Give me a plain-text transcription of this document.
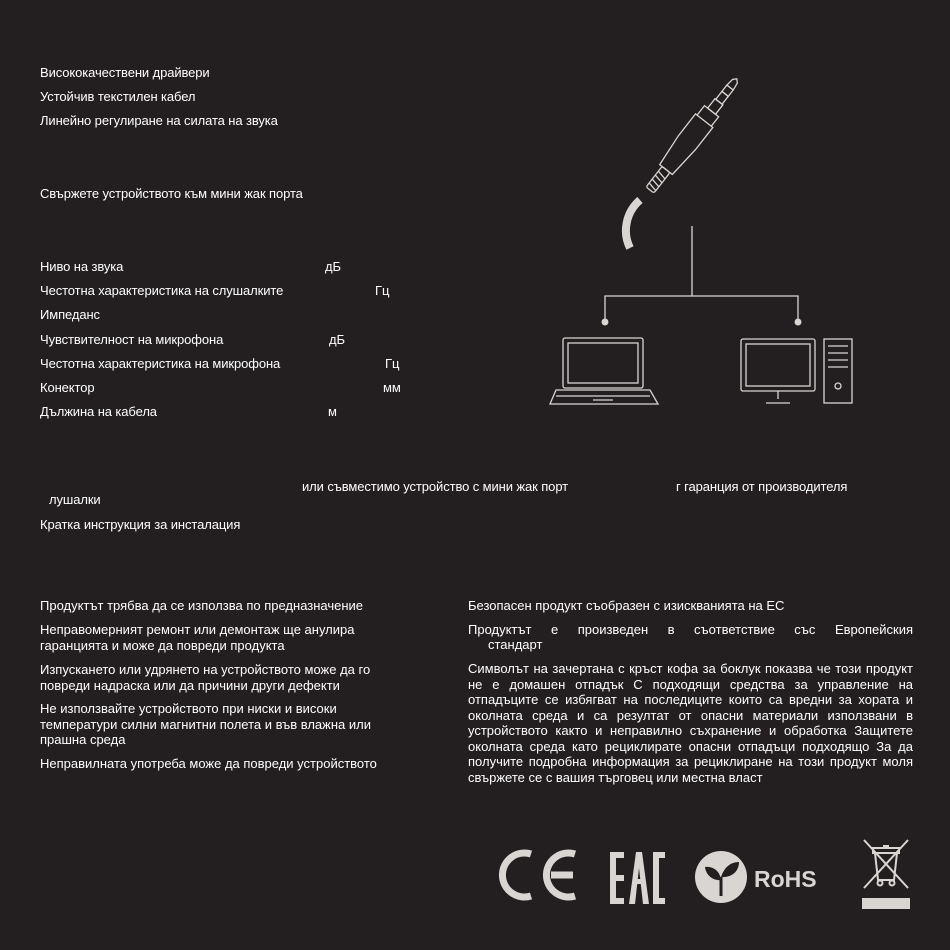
Висококачествени драйвери
Устойчив текстилен кабел
Линейно регулиране на силата на звука
Свържете устройството към мини жак порта
Ниво на звука	дБ
Честотна характеристика на слушалките	Гц
Импеданс
Чувствителност на микрофона	дБ
Честотна характеристика на микрофона	Гц
Конектор	мм
Дължина на кабела	м
или съвместимо устройство с мини жак порт	г гаранция от производителя
лушалки
Кратка инструкция за инсталация
Продуктът трябва да се използва по предназначение
Неправомерният ремонт или демонтаж ще анулира гаранцията и може да повреди продукта
Изпускането или удрянето на устройството може да го повреди надраска или да причини други дефекти
Не използвайте устройството при ниски и високи температури силни магнитни полета и във влажна или прашна среда
Неправилната употреба може да повреди устройството
Безопасен продукт съобразен с изискванията на ЕС
Продуктът е произведен в съответствие със Европейския
стандарт
Символът на зачертана с кръст кофа за боклук показва че този продукт не е домашен отпадък С подходящи средства за управление на отпадъците се избягват на последиците които са вредни за хората и околната среда и са резултат от опасни материали използвани в устройството както и неправилно съхранение и обработка Защитете околната среда като рециклирате опасни отпадъци подходящо За да получите подробна информация за рециклиране на този продукт моля свържете се с вашия търговец или местна власт
RoHS
